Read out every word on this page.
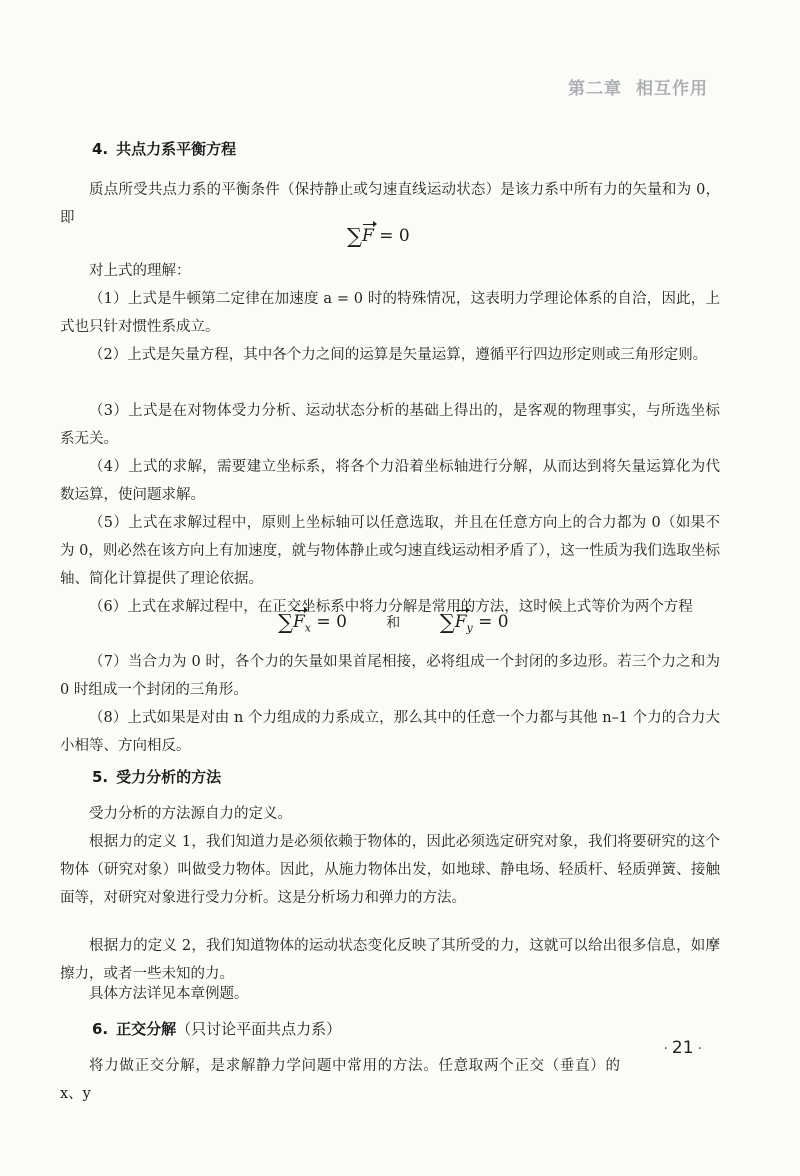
第二章 相互作用
4. 共点力系平衡方程

质点所受共点力系的平衡条件（保持静止或匀速直线运动状态）是该力系中所有力的矢量和为 0，即

∑F = 0

对上式的理解：

（1）上式是牛顿第二定律在加速度 a = 0 时的特殊情况，这表明力学理论体系的自洽，因此，上式也只针对惯性系成立。

（2）上式是矢量方程，其中各个力之间的运算是矢量运算，遵循平行四边形定则或三角形定则。

（3）上式是在对物体受力分析、运动状态分析的基础上得出的，是客观的物理事实，与所选坐标系无关。

（4）上式的求解，需要建立坐标系，将各个力沿着坐标轴进行分解，从而达到将矢量运算化为代数运算，使问题求解。

（5）上式在求解过程中，原则上坐标轴可以任意选取，并且在任意方向上的合力都为 0（如果不为 0，则必然在该方向上有加速度，就与物体静止或匀速直线运动相矛盾了），这一性质为我们选取坐标轴、简化计算提供了理论依据。

（6）上式在求解过程中，在正交坐标系中将力分解是常用的方法，这时候上式等价为两个方程

$\sum F_x = 0$	和 $\sum F_y = 0$

（7）当合力为 0 时，各个力的矢量如果首尾相接，必将组成一个封闭的多边形。若三个力之和为 0 时组成一个封闭的三角形。

（8）上式如果是对由 n 个力组成的力系成立，那么其中的任意一个力都与其他 n–1 个力的合力大小相等、方向相反。

5. 受力分析的方法

受力分析的方法源自力的定义。

根据力的定义 1，我们知道力是必须依赖于物体的，因此必须选定研究对象，我们将要研究的这个物体（研究对象）叫做受力物体。因此，从施力物体出发，如地球、静电场、轻质杆、轻质弹簧、接触面等，对研究对象进行受力分析。这是分析场力和弹力的方法。

根据力的定义 2，我们知道物体的运动状态变化反映了其所受的力，这就可以给出很多信息，如摩擦力，或者一些未知的力。

具体方法详见本章例题。

6. 正交分解（只讨论平面共点力系）

将力做正交分解，是求解静力学问题中常用的方法。任意取两个正交（垂直）的 x、y

· 21 ·
